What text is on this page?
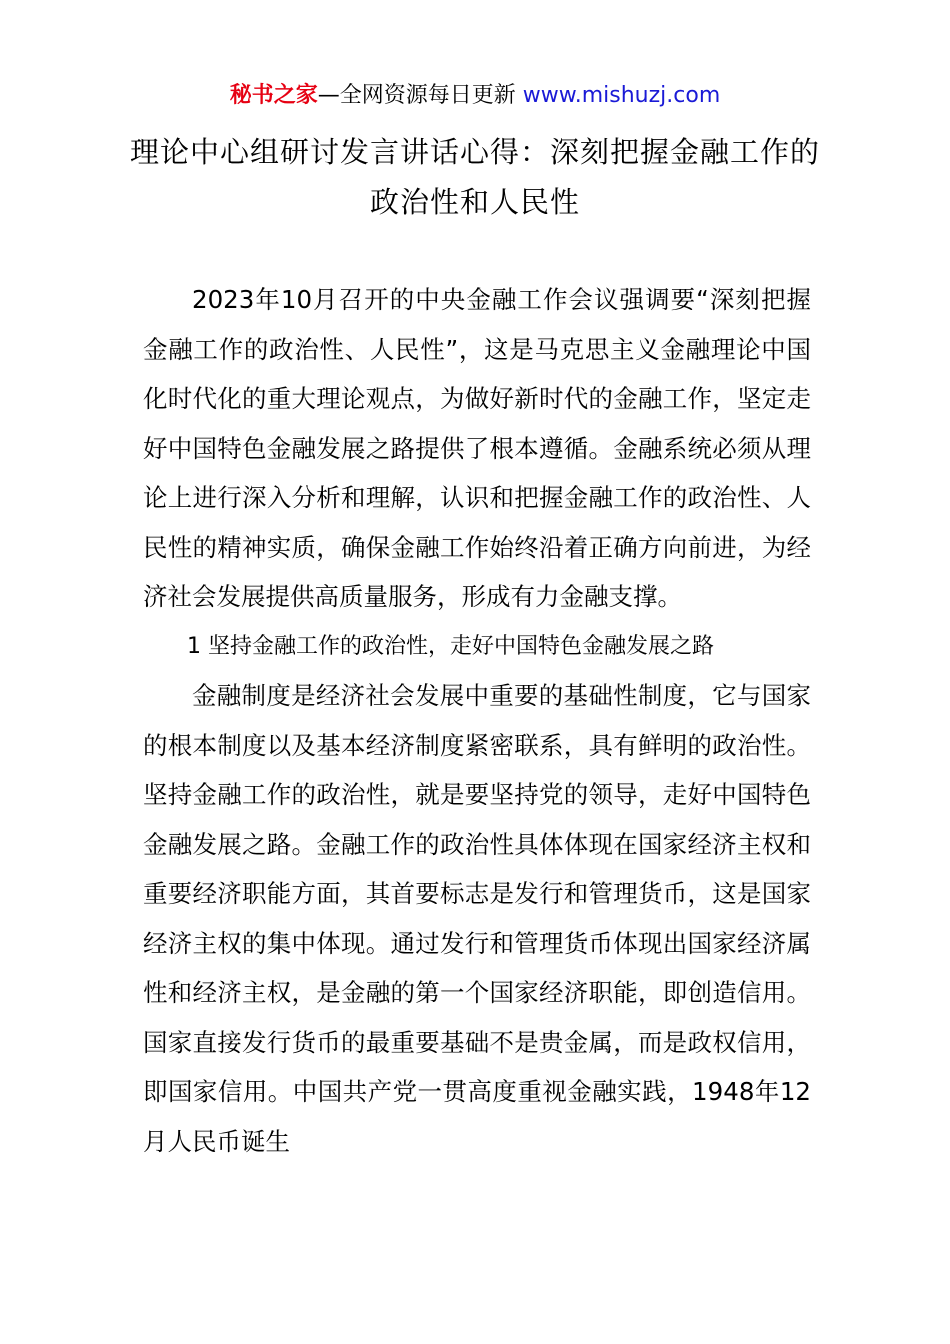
秘书之家—全网资源每日更新 www.mishuzj.com
理论中心组研讨发言讲话心得：深刻把握金融工作的政治性和人民性

2023年10月召开的中央金融工作会议强调要“深刻把握金融工作的政治性、人民性”，这是马克思主义金融理论中国化时代化的重大理论观点，为做好新时代的金融工作，坚定走好中国特色金融发展之路提供了根本遵循。金融系统必须从理论上进行深入分析和理解，认识和把握金融工作的政治性、人民性的精神实质，确保金融工作始终沿着正确方向前进，为经济社会发展提供高质量服务，形成有力金融支撑。

1 坚持金融工作的政治性，走好中国特色金融发展之路

金融制度是经济社会发展中重要的基础性制度，它与国家的根本制度以及基本经济制度紧密联系，具有鲜明的政治性。坚持金融工作的政治性，就是要坚持党的领导，走好中国特色金融发展之路。金融工作的政治性具体体现在国家经济主权和重要经济职能方面，其首要标志是发行和管理货币，这是国家经济主权的集中体现。通过发行和管理货币体现出国家经济属性和经济主权，是金融的第一个国家经济职能，即创造信用。国家直接发行货币的最重要基础不是贵金属，而是政权信用，即国家信用。中国共产党一贯高度重视金融实践，1948年12月人民币诞生
